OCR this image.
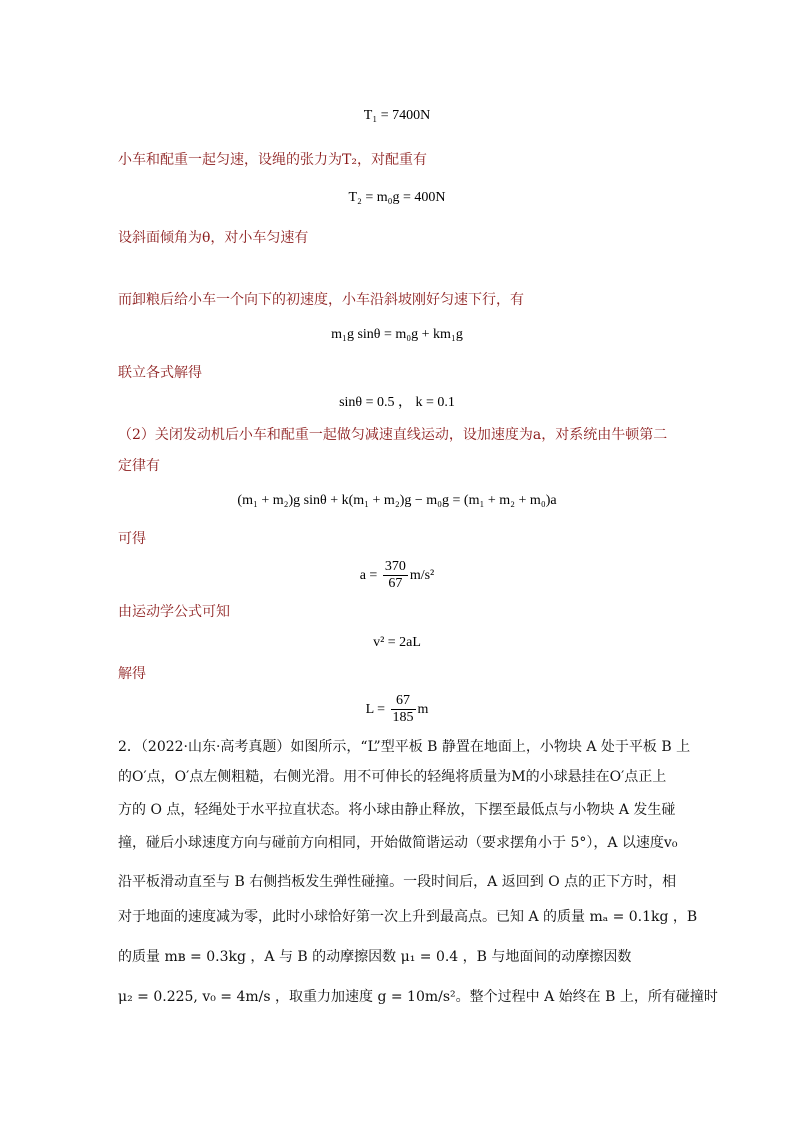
T₁ = 7400N
小车和配重一起匀速，设绳的张力为T₂，对配重有
T₂ = m₀g = 400N
设斜面倾角为θ，对小车匀速有
而卸粮后给小车一个向下的初速度，小车沿斜坡刚好匀速下行，有
m₁g sinθ = m₀g + km₁g
联立各式解得
sinθ = 0.5 ， k = 0.1
（2）关闭发动机后小车和配重一起做匀减速直线运动，设加速度为a，对系统由牛顿第二
定律有
(m₁ + m₂)g sinθ + k(m₁ + m₂)g − m₀g = (m₁ + m₂ + m₀)a
可得
$a = \frac{370}{67} m/s^2$
由运动学公式可知
v² = 2aL
解得
$L = \frac{67}{185}$ m
2．（2022·山东·高考真题）如图所示，“L”型平板 B 静置在地面上，小物块 A 处于平板 B 上
的O′点，O′点左侧粗糙，右侧光滑。用不可伸长的轻绳将质量为M的小球悬挂在O′点正上
方的 O 点，轻绳处于水平拉直状态。将小球由静止释放，下摆至最低点与小物块 A 发生碰
撞，碰后小球速度方向与碰前方向相同，开始做简谐运动（要求摆角小于 5°），A 以速度v₀
沿平板滑动直至与 B 右侧挡板发生弹性碰撞。一段时间后，A 返回到 O 点的正下方时，相
对于地面的速度减为零，此时小球恰好第一次上升到最高点。已知 A 的质量 mₐ = 0.1kg ，B
的质量 mʙ = 0.3kg ，A 与 B 的动摩擦因数 μ₁ = 0.4 ，B 与地面间的动摩擦因数
μ₂ = 0.225, v₀ = 4m/s ，取重力加速度 g = 10m/s²。整个过程中 A 始终在 B 上，所有碰撞时
